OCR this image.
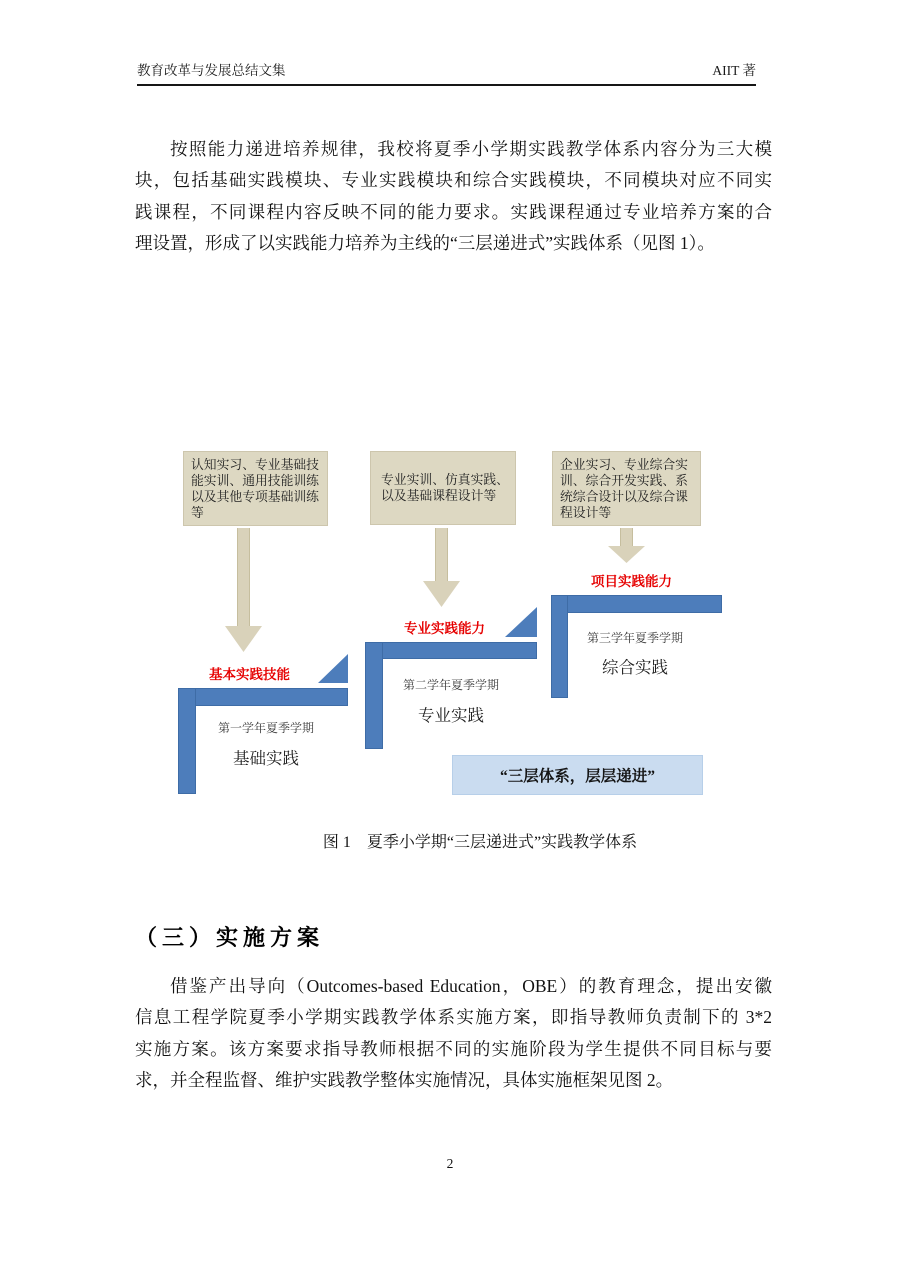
教育改革与发展总结文集	AIIT 著
按照能力递进培养规律，我校将夏季小学期实践教学体系内容分为三大模
块，包括基础实践模块、专业实践模块和综合实践模块，不同模块对应不同实
践课程，不同课程内容反映不同的能力要求。实践课程通过专业培养方案的合
理设置，形成了以实践能力培养为主线的“三层递进式”实践体系（见图 1）。
认知实习、专业基础技
能实训、通用技能训练
以及其他专项基础训练
等
专业实训、仿真实践、
以及基础课程设计等
企业实习、专业综合实
训、综合开发实践、系
统综合设计以及综合课
程设计等
基本实践技能
专业实践能力
项目实践能力
第一学年夏季学期
基础实践
第二学年夏季学期
专业实践
第三学年夏季学期
综合实践
“三层体系，层层递进”
图 1　夏季小学期“三层递进式”实践教学体系
（三）实施方案
借鉴产出导向（Outcomes-based Education，OBE）的教育理念，提出安徽
信息工程学院夏季小学期实践教学体系实施方案，即指导教师负责制下的 3*2
实施方案。该方案要求指导教师根据不同的实施阶段为学生提供不同目标与要
求，并全程监督、维护实践教学整体实施情况，具体实施框架见图 2。
2
